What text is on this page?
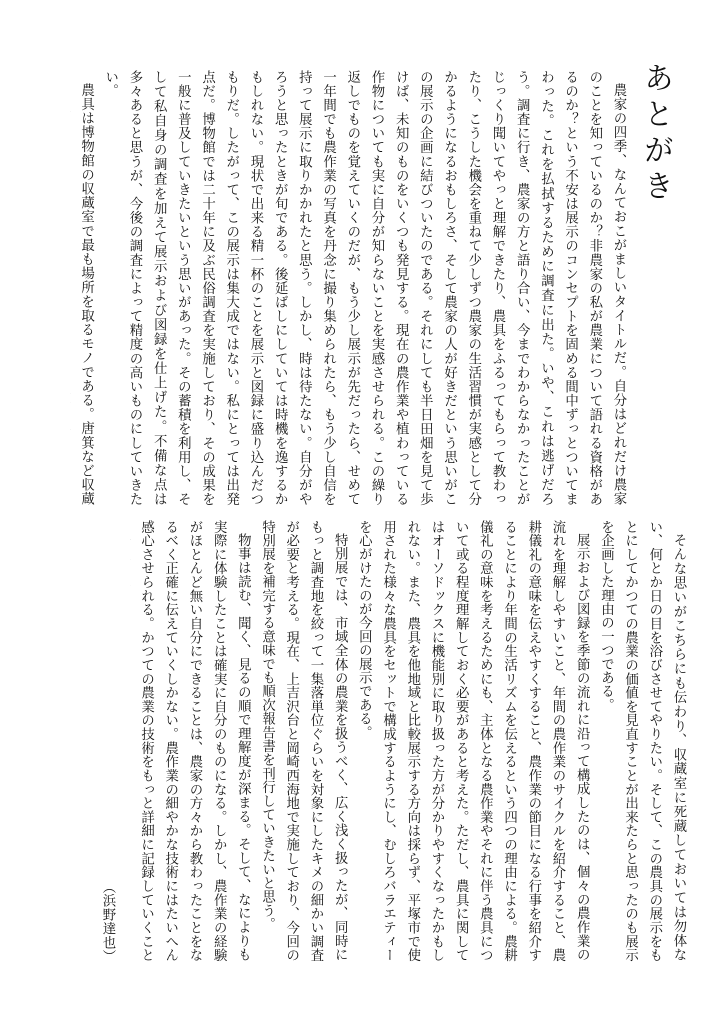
あとがき

農家の四季、なんておこがましいタイトルだ。自分はどれだけ農家のことを知っているのか？非農家の私が農業について語れる資格があるのか？という不安は展示のコンセプトを固める間中ずっとついてまわった。これを払拭するために調査に出た。いや、これは逃げだろう。調査に行き、農家の方と語り合い、今までわからなかったことがじっくり聞いてやっと理解できたり、農具をふるってもらって教わったり、こうした機会を重ねて少しずつ農家の生活習慣が実感として分かるようになるおもしろさ、そして農家の人が好きだという思いがこの展示の企画に結びついたのである。それにしても半日田畑を見て歩けば、未知のものをいくつも発見する。現在の農作業や植わっている作物についても実に自分が知らないことを実感させられる。この繰り返しでものを覚えていくのだが、もう少し展示が先だったら、せめて一年間でも農作業の写真を丹念に撮り集められたら、もう少し自信を持って展示に取りかかれたと思う。しかし、時は待たない。自分がやろうと思ったときが旬である。後延ばしにしていては時機を逸するかもしれない。現状で出来る精一杯のことを展示と図録に盛り込んだつもりだ。したがって、この展示は集大成ではない。私にとっては出発点だ。博物館では二十年に及ぶ民俗調査を実施しており、その成果を一般に普及していきたいという思いがあった。その蓄積を利用し、そして私自身の調査を加えて展示および図録を仕上げた。不備な点は多々あると思うが、今後の調査によって精度の高いものにしていきたい。

農具は博物館の収蔵室で最も場所を取るモノである。唐箕など収蔵

そんな思いがこちらにも伝わり、収蔵室に死蔵しておいては勿体ない、何とか日の目を浴びさせてやりたい。そして、この農具の展示をもとにしてかつての農業の価値を見直すことが出来たらと思ったのも展示を企画した理由の一つである。

展示および図録を季節の流れに沿って構成したのは、個々の農作業の流れを理解しやすいこと、年間の農作業のサイクルを紹介すること、農耕儀礼の意味を伝えやすくすること、農作業の節目になる行事を紹介することにより年間の生活リズムを伝えるという四つの理由による。農耕儀礼の意味を考えるためにも、主体となる農作業やそれに伴う農具について或る程度理解しておく必要があると考えた。ただし、農具に関してはオーソドックスに機能別に取り扱った方が分かりやすくなったかもしれない。また、農具を他地域と比較展示する方向は採らず、平塚市で使用された様々な農具をセットで構成するようにし、むしろバラエティーを心がけたのが今回の展示である。

特別展では、市域全体の農業を扱うべく、広く浅く扱ったが、同時にもっと調査地を絞って一集落単位ぐらいを対象にしたキメの細かい調査が必要と考える。現在、上吉沢台と岡崎西海地で実施しており、今回の特別展を補完する意味でも順次報告書を刊行していきたいと思う。

物事は読む、聞く、見るの順で理解度が深まる。そして、なによりも実際に体験したことは確実に自分のものになる。しかし、農作業の経験がほとんど無い自分にできることは、農家の方々から教わったことをなるべく正確に伝えていくしかない。農作業の細やかな技術にはたいへん感心させられる。かつての農業の技術をもっと詳細に記録していくこと

（浜野達也）
